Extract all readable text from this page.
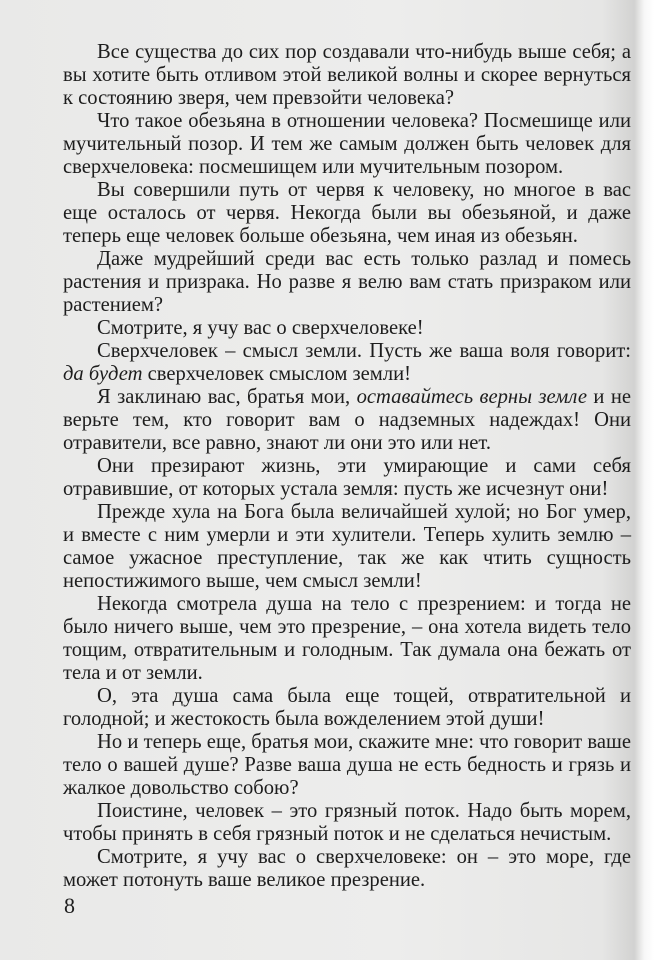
Все существа до сих пор создавали что-нибудь выше себя; а вы хотите быть отливом этой великой волны и скорее вернуться к состоянию зверя, чем превзойти человека?

Что такое обезьяна в отношении человека? Посмешище или мучительный позор. И тем же самым должен быть человек для сверхчеловека: посмешищем или мучительным позором.

Вы совершили путь от червя к человеку, но многое в вас еще осталось от червя. Некогда были вы обезьяной, и даже теперь еще человек больше обезьяна, чем иная из обезьян.

Даже мудрейший среди вас есть только разлад и помесь растения и призрака. Но разве я велю вам стать призраком или растением?

Смотрите, я учу вас о сверхчеловеке!

Сверхчеловек – смысл земли. Пусть же ваша воля говорит: да будет сверхчеловек смыслом земли!

Я заклинаю вас, братья мои, оставайтесь верны земле и не верьте тем, кто говорит вам о надземных надеждах! Они отравители, все равно, знают ли они это или нет.

Они презирают жизнь, эти умирающие и сами себя отравившие, от которых устала земля: пусть же исчезнут они!

Прежде хула на Бога была величайшей хулой; но Бог умер, и вместе с ним умерли и эти хулители. Теперь хулить землю – самое ужасное преступление, так же как чтить сущность непостижимого выше, чем смысл земли!

Некогда смотрела душа на тело с презрением: и тогда не было ничего выше, чем это презрение, – она хотела видеть тело тощим, отвратительным и голодным. Так думала она бежать от тела и от земли.

О, эта душа сама была еще тощей, отвратительной и голодной; и жестокость была вожделением этой души!

Но и теперь еще, братья мои, скажите мне: что говорит ваше тело о вашей душе? Разве ваша душа не есть бедность и грязь и жалкое довольство собою?

Поистине, человек – это грязный поток. Надо быть морем, чтобы принять в себя грязный поток и не сделаться нечистым.

Смотрите, я учу вас о сверхчеловеке: он – это море, где может потонуть ваше великое презрение.

8
